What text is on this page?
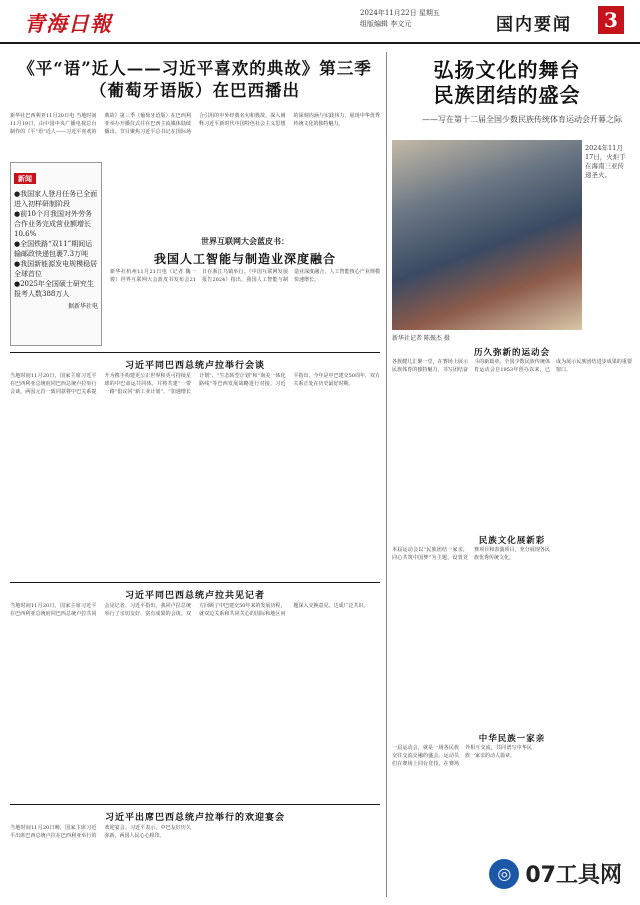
青海日報	2024年11月22日 星期五
组版编辑 李文元	国内要闻	3
《平“语”近人——习近平喜欢的典故》第三季
（葡萄牙语版）在巴西播出
新华社巴西利亚11月20日电 当地时间11月19日，由中国中央广播电视总台制作的《平“语”近人——习近平喜欢的典故》第三季（葡萄牙语版）在巴西利亚举办开播仪式并在巴西主流媒体陆续播出。节目聚焦习近平总书记在国际场合引用的中外经典名句和典故，深入阐释习近平新时代中国特色社会主义思想的深刻内涵与实践伟力，展现中华优秀传统文化的独特魅力。
弘扬文化的舞台
民族团结的盛会
——写在第十二届全国少数民族传统体育运动会开幕之际
新闻
●我国家人登月任务已全面进入初样研制阶段
●前10个月我国对外劳务合作业务完成营业额增长10.6%
●全国铁路“双11”期间运输邮政快递包裹7.3万吨
●我国新能源发电规模稳居全球首位
●2025年全国硕士研究生报考人数388万人
据新华社电
世界互联网大会蓝皮书：
我国人工智能与制造业深度融合
新华社杭州11月21日电（记者 魏一骏）世界互联网大会蓝皮书发布会21日在浙江乌镇举行。《中国互联网发展报告2024》指出，我国人工智能与制造业深度融合，人工智能核心产业规模快速增长。
习近平同巴西总统卢拉举行会谈
当地时间11月20日，国家主席习近平在巴西利亚总统府同巴西总统卢拉举行会谈。两国元首一致同意将中巴关系提升为携手构建更公正世界和更可持续星球的中巴命运共同体，并将共建“一带一路”倡议同“新工业计划”、“加速增长计划”、“生态转型计划”和“南美一体化路线”等巴西发展战略进行对接。习近平指出，今年是中巴建交50周年，双方关系正处在历史最好时期。
习近平同巴西总统卢拉共见记者
当地时间11月20日，国家主席习近平在巴西利亚总统府同巴西总统卢拉共同会见记者。习近平指出，我同卢拉总统举行了亲切友好、富有成果的会谈。双方回顾了中巴建交50年来的发展历程，就双边关系和共同关心的国际和地区问题深入交换意见，达成广泛共识。
习近平出席巴西总统卢拉举行的欢迎宴会
当地时间11月20日晚，国家主席习近平出席巴西总统卢拉在巴西利亚举行的欢迎宴会。习近平表示，中巴友好历久弥新，两国人民心心相印。
2024年11月17日，火炬手在海南三亚传递圣火。
新华社记者 陈振杰 摄
历久弥新的运动会
各族健儿汇聚一堂，在赛场上展示民族体育的独特魅力，书写团结奋斗的新篇章。全国少数民族传统体育运动会自1953年创办以来，已成为展示民族团结进步成果的重要窗口。
民族文化展新彩
本届运动会以“民族团结一家亲，同心共筑中国梦”为主题，设置竞赛项目和表演项目，充分展现各民族优秀传统文化。
中华民族一家亲
一届运动会，就是一场各民族交往交流交融的盛会。运动员们在赛场上同台竞技、在赛场外相互交流，共同谱写中华民族一家亲的动人篇章。
◎ 07工具网
